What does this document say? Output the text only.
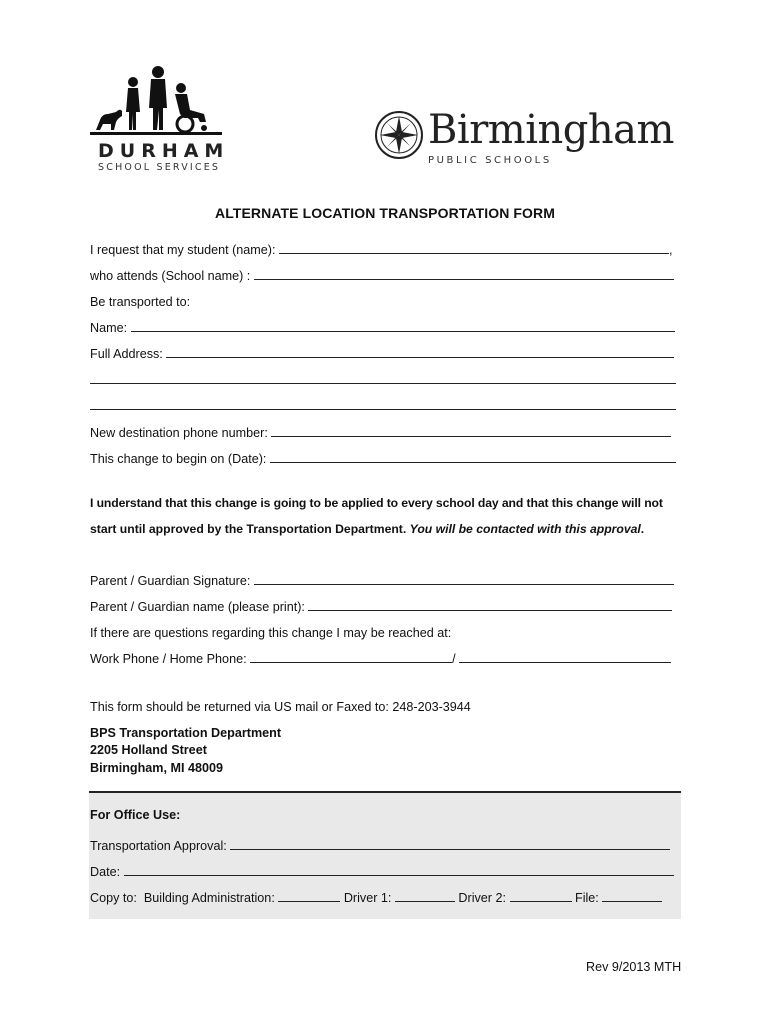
DURHAM
SCHOOL SERVICES
Birmingham
PUBLIC SCHOOLS
ALTERNATE LOCATION TRANSPORTATION FORM
I request that my student (name):	,
who attends (School name) :
Be transported to:
Name:
Full Address:
New destination phone number:
This change to begin on (Date):
I understand that this change is going to be applied to every school day and that this change will not
start until approved by the Transportation Department. You will be contacted with this approval.
Parent / Guardian Signature:
Parent / Guardian name (please print):
If there are questions regarding this change I may be reached at:
Work Phone / Home Phone:	/
This form should be returned via US mail or Faxed to: 248-203-3944
BPS Transportation Department
2205 Holland Street
Birmingham, MI 48009
For Office Use:
Transportation Approval:
Date:
Copy to: Building Administration:	Driver 1:	Driver 2:	File:
Rev 9/2013 MTH
